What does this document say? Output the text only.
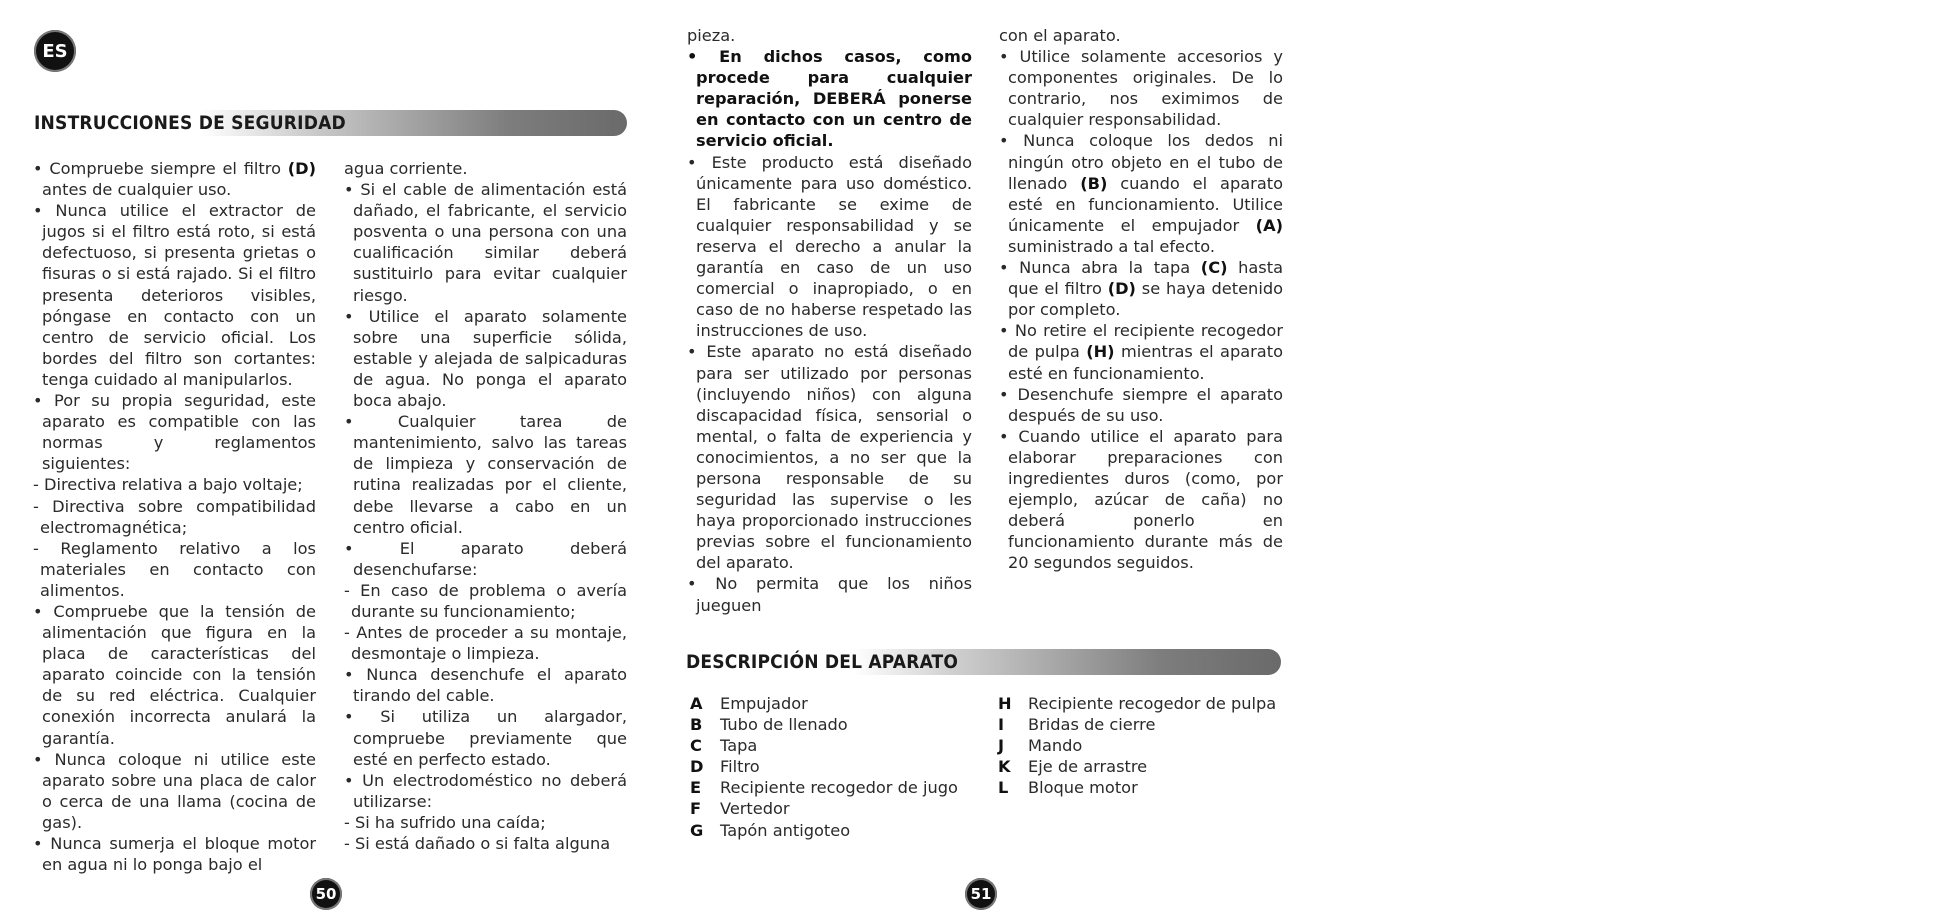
ES
INSTRUCCIONES DE SEGURIDAD

• Compruebe siempre el filtro (D) antes de cualquier uso.

• Nunca utilice el extractor de jugos si el filtro está roto, si está defectuoso, si presenta grietas o fisuras o si está rajado. Si el filtro presenta deterioros visibles, póngase en contacto con un centro de servicio oficial. Los bordes del filtro son cortantes: tenga cuidado al manipularlos.

• Por su propia seguridad, este aparato es compatible con las normas y reglamentos siguientes:

- Directiva relativa a bajo voltaje;

- Directiva sobre compatibilidad electromagnética;

- Reglamento relativo a los materiales en contacto con alimentos.

• Compruebe que la tensión de alimentación que figura en la placa de características del aparato coincide con la tensión de su red eléctrica. Cualquier conexión incorrecta anulará la garantía.

• Nunca coloque ni utilice este aparato sobre una placa de calor o cerca de una llama (cocina de gas).

• Nunca sumerja el bloque motor en agua ni lo ponga bajo el

agua corriente.

• Si el cable de alimentación está dañado, el fabricante, el servicio posventa o una persona con una cualificación similar deberá sustituirlo para evitar cualquier riesgo.

• Utilice el aparato solamente sobre una superficie sólida, estable y alejada de salpicaduras de agua. No ponga el aparato boca abajo.

• Cualquier tarea de mantenimiento, salvo las tareas de limpieza y conservación de rutina realizadas por el cliente, debe llevarse a cabo en un centro oficial.

• El aparato deberá desenchufarse:

- En caso de problema o avería durante su funcionamiento;

- Antes de proceder a su montaje, desmontaje o limpieza.

• Nunca desenchufe el aparato tirando del cable.

• Si utiliza un alargador, compruebe previamente que esté en perfecto estado.

• Un electrodoméstico no deberá utilizarse:

- Si ha sufrido una caída;

- Si está dañado o si falta alguna

pieza.

• En dichos casos, como procede para cualquier reparación, DEBERÁ ponerse en contacto con un centro de servicio oficial.

• Este producto está diseñado únicamente para uso doméstico. El fabricante se exime de cualquier responsabilidad y se reserva el derecho a anular la garantía en caso de un uso comercial o inapropiado, o en caso de no haberse respetado las instrucciones de uso.

• Este aparato no está diseñado para ser utilizado por personas (incluyendo niños) con alguna discapacidad física, sensorial o mental, o falta de experiencia y conocimientos, a no ser que la persona responsable de su seguridad las supervise o les haya proporcionado instrucciones previas sobre el funcionamiento del aparato.

• No permita que los niños jueguen

con el aparato.

• Utilice solamente accesorios y componentes originales. De lo contrario, nos eximimos de cualquier responsabilidad.

• Nunca coloque los dedos ni ningún otro objeto en el tubo de llenado (B) cuando el aparato esté en funcionamiento. Utilice únicamente el empujador (A) suministrado a tal efecto.

• Nunca abra la tapa (C) hasta que el filtro (D) se haya detenido por completo.

• No retire el recipiente recogedor de pulpa (H) mientras el aparato esté en funcionamiento.

• Desenchufe siempre el aparato después de su uso.

• Cuando utilice el aparato para elaborar preparaciones con ingredientes duros (como, por ejemplo, azúcar de caña) no deberá ponerlo en funcionamiento durante más de 20 segundos seguidos.

DESCRIPCIÓN DEL APARATO
A	Empujador
B	Tubo de llenado
C	Tapa
D	Filtro
E	Recipiente recogedor de jugo
F	Vertedor
G	Tapón antigoteo
H	Recipiente recogedor de pulpa
I	Bridas de cierre
J	Mando
K	Eje de arrastre
L	Bloque motor
50	51
